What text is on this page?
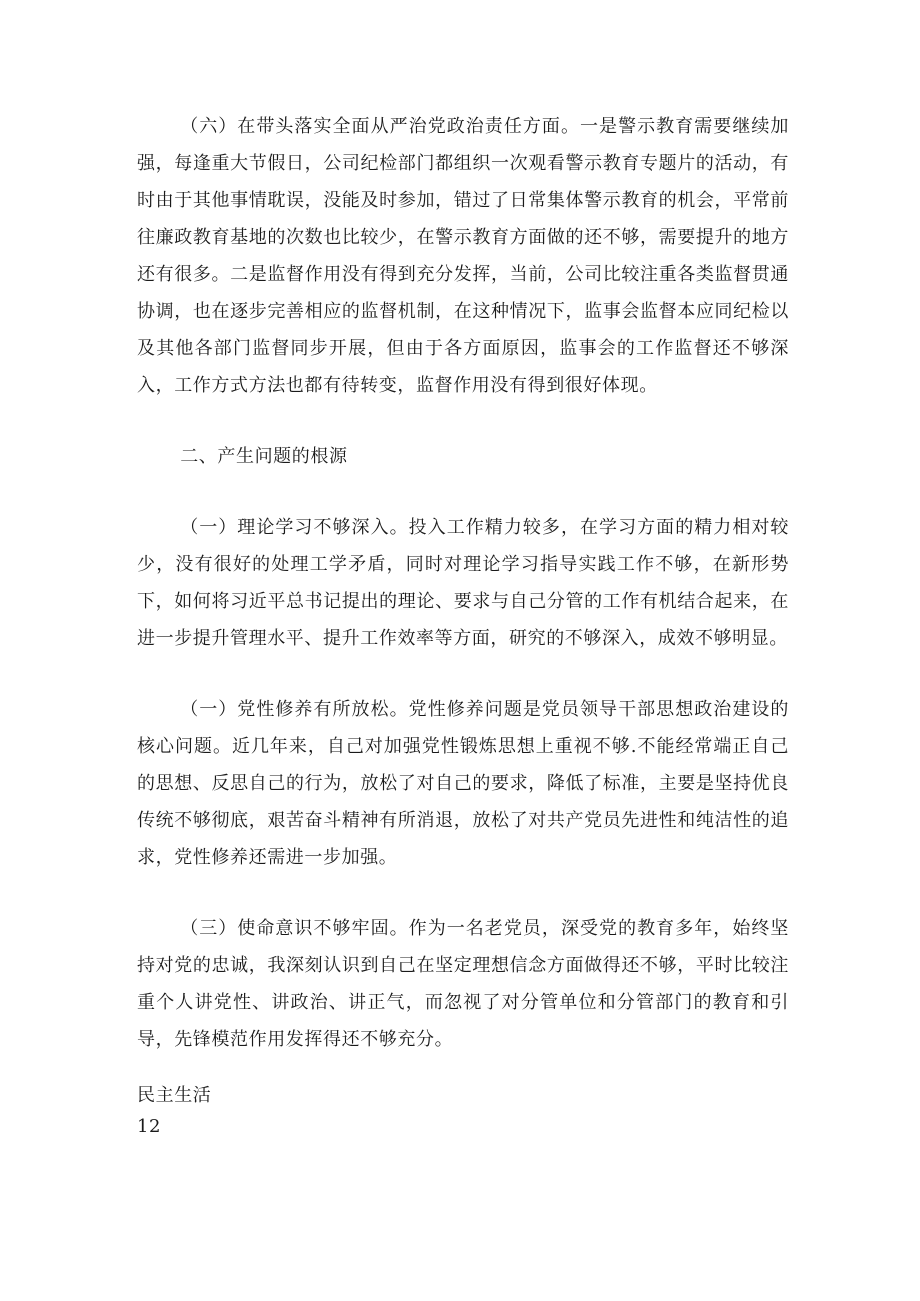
（六）在带头落实全面从严治党政治责任方面。一是警示教育需要继续加强，每逢重大节假日，公司纪检部门都组织一次观看警示教育专题片的活动，有时由于其他事情耽误，没能及时参加，错过了日常集体警示教育的机会，平常前往廉政教育基地的次数也比较少，在警示教育方面做的还不够，需要提升的地方还有很多。二是监督作用没有得到充分发挥，当前，公司比较注重各类监督贯通协调，也在逐步完善相应的监督机制，在这种情况下，监事会监督本应同纪检以及其他各部门监督同步开展，但由于各方面原因，监事会的工作监督还不够深入，工作方式方法也都有待转变，监督作用没有得到很好体现。

二、产生问题的根源

（一）理论学习不够深入。投入工作精力较多，在学习方面的精力相对较少，没有很好的处理工学矛盾，同时对理论学习指导实践工作不够，在新形势下，如何将习近平总书记提出的理论、要求与自己分管的工作有机结合起来，在进一步提升管理水平、提升工作效率等方面，研究的不够深入，成效不够明显。

（一）党性修养有所放松。党性修养问题是党员领导干部思想政治建设的核心问题。近几年来，自己对加强党性锻炼思想上重视不够.不能经常端正自己的思想、反思自己的行为，放松了对自己的要求，降低了标准，主要是坚持优良传统不够彻底，艰苦奋斗精神有所消退，放松了对共产党员先进性和纯洁性的追求，党性修养还需进一步加强。

（三）使命意识不够牢固。作为一名老党员，深受党的教育多年，始终坚持对党的忠诚，我深刻认识到自己在坚定理想信念方面做得还不够，平时比较注重个人讲党性、讲政治、讲正气，而忽视了对分管单位和分管部门的教育和引导，先锋模范作用发挥得还不够充分。

民主生活
12
